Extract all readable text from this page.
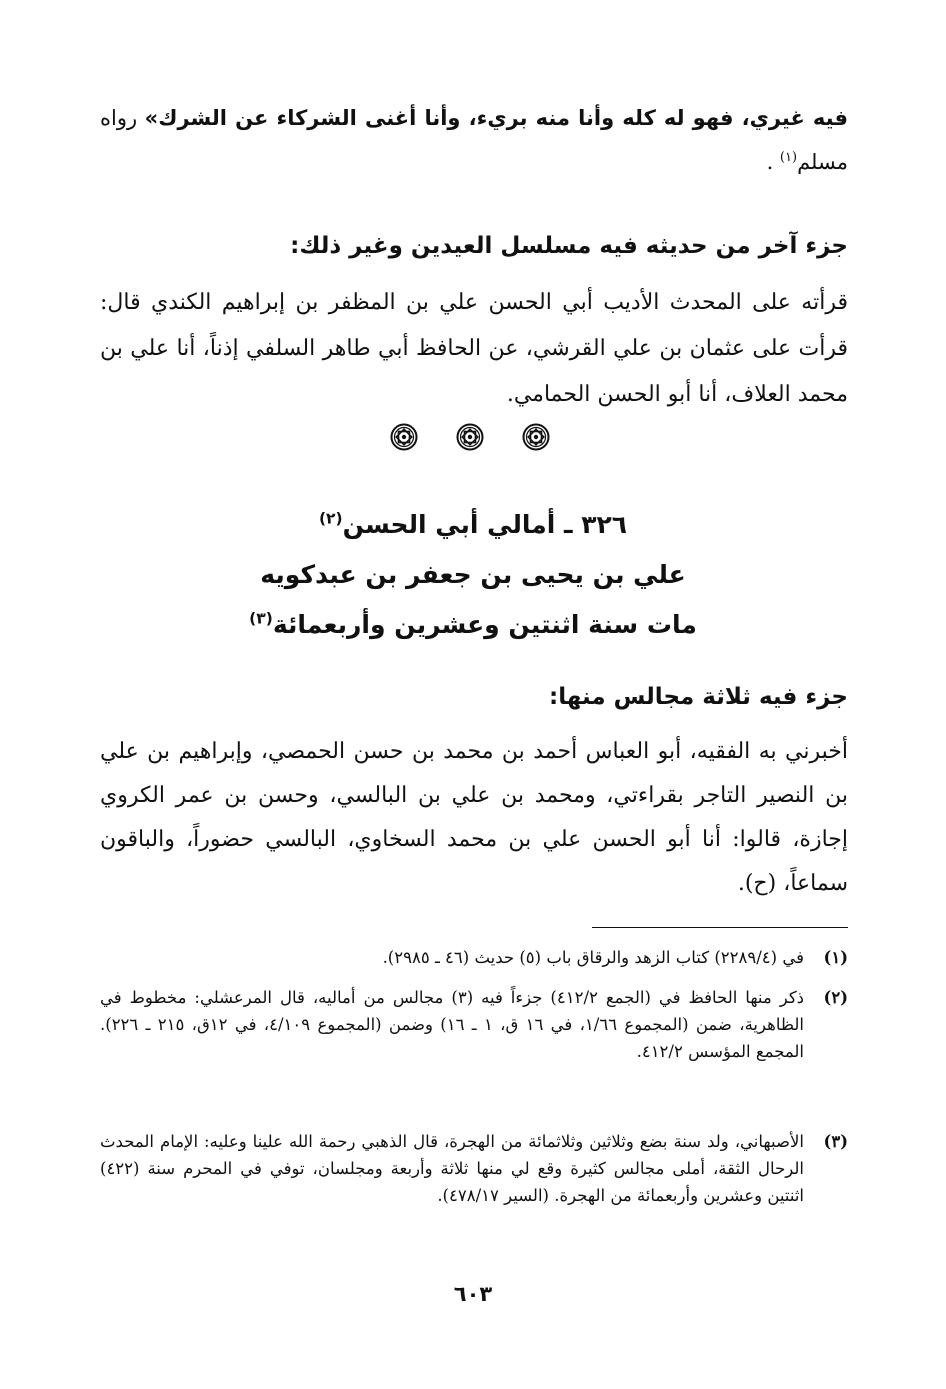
فيه غيري، فهو له كله وأنا منه بريء، وأنا أغنى الشركاء عن الشرك» رواه مسلم$^{(١)}$ .
جزء آخر من حديثه فيه مسلسل العيدين وغير ذلك:
قرأته على المحدث الأديب أبي الحسن علي بن المظفر بن إبراهيم الكندي قال: قرأت على عثمان بن علي القرشي، عن الحافظ أبي طاهر السلفي إذناً، أنا علي بن محمد العلاف، أنا أبو الحسن الحمامي.
٣٢٦ ـ أمالي أبي الحسن$^{(٢)}$
علي بن يحيى بن جعفر بن عبدكويه
مات سنة اثنتين وعشرين وأربعمائة$^{(٣)}$
جزء فيه ثلاثة مجالس منها:
أخبرني به الفقيه، أبو العباس أحمد بن محمد بن حسن الحمصي، وإبراهيم بن علي بن النصير التاجر بقراءتي، ومحمد بن علي بن البالسي، وحسن بن عمر الكروي إجازة، قالوا: أنا أبو الحسن علي بن محمد السخاوي، البالسي حضوراً، والباقون سماعاً، (ح).
(١)
في (٢٢٨٩/٤) كتاب الزهد والرقاق باب (٥) حديث (٤٦ ـ ٢٩٨٥).
(٢)
ذكر منها الحافظ في (الجمع ٤١٢/٢) جزءاً فيه (٣) مجالس من أماليه، قال المرعشلي: مخطوط في الظاهرية، ضمن (المجموع ١/٦٦، في ١٦ ق، ١ ـ ١٦) وضمن (المجموع ٤/١٠٩، في ١٢ق، ٢١٥ ـ ٢٢٦). المجمع المؤسس ٤١٢/٢.
(٣)
الأصبهاني، ولد سنة بضع وثلاثين وثلاثمائة من الهجرة، قال الذهبي رحمة الله علينا وعليه: الإمام المحدث الرحال الثقة، أملى مجالس كثيرة وقع لي منها ثلاثة وأربعة ومجلسان، توفي في المحرم سنة (٤٢٢) اثنتين وعشرين وأربعمائة من الهجرة. (السير ٤٧٨/١٧).
٦٠٣
